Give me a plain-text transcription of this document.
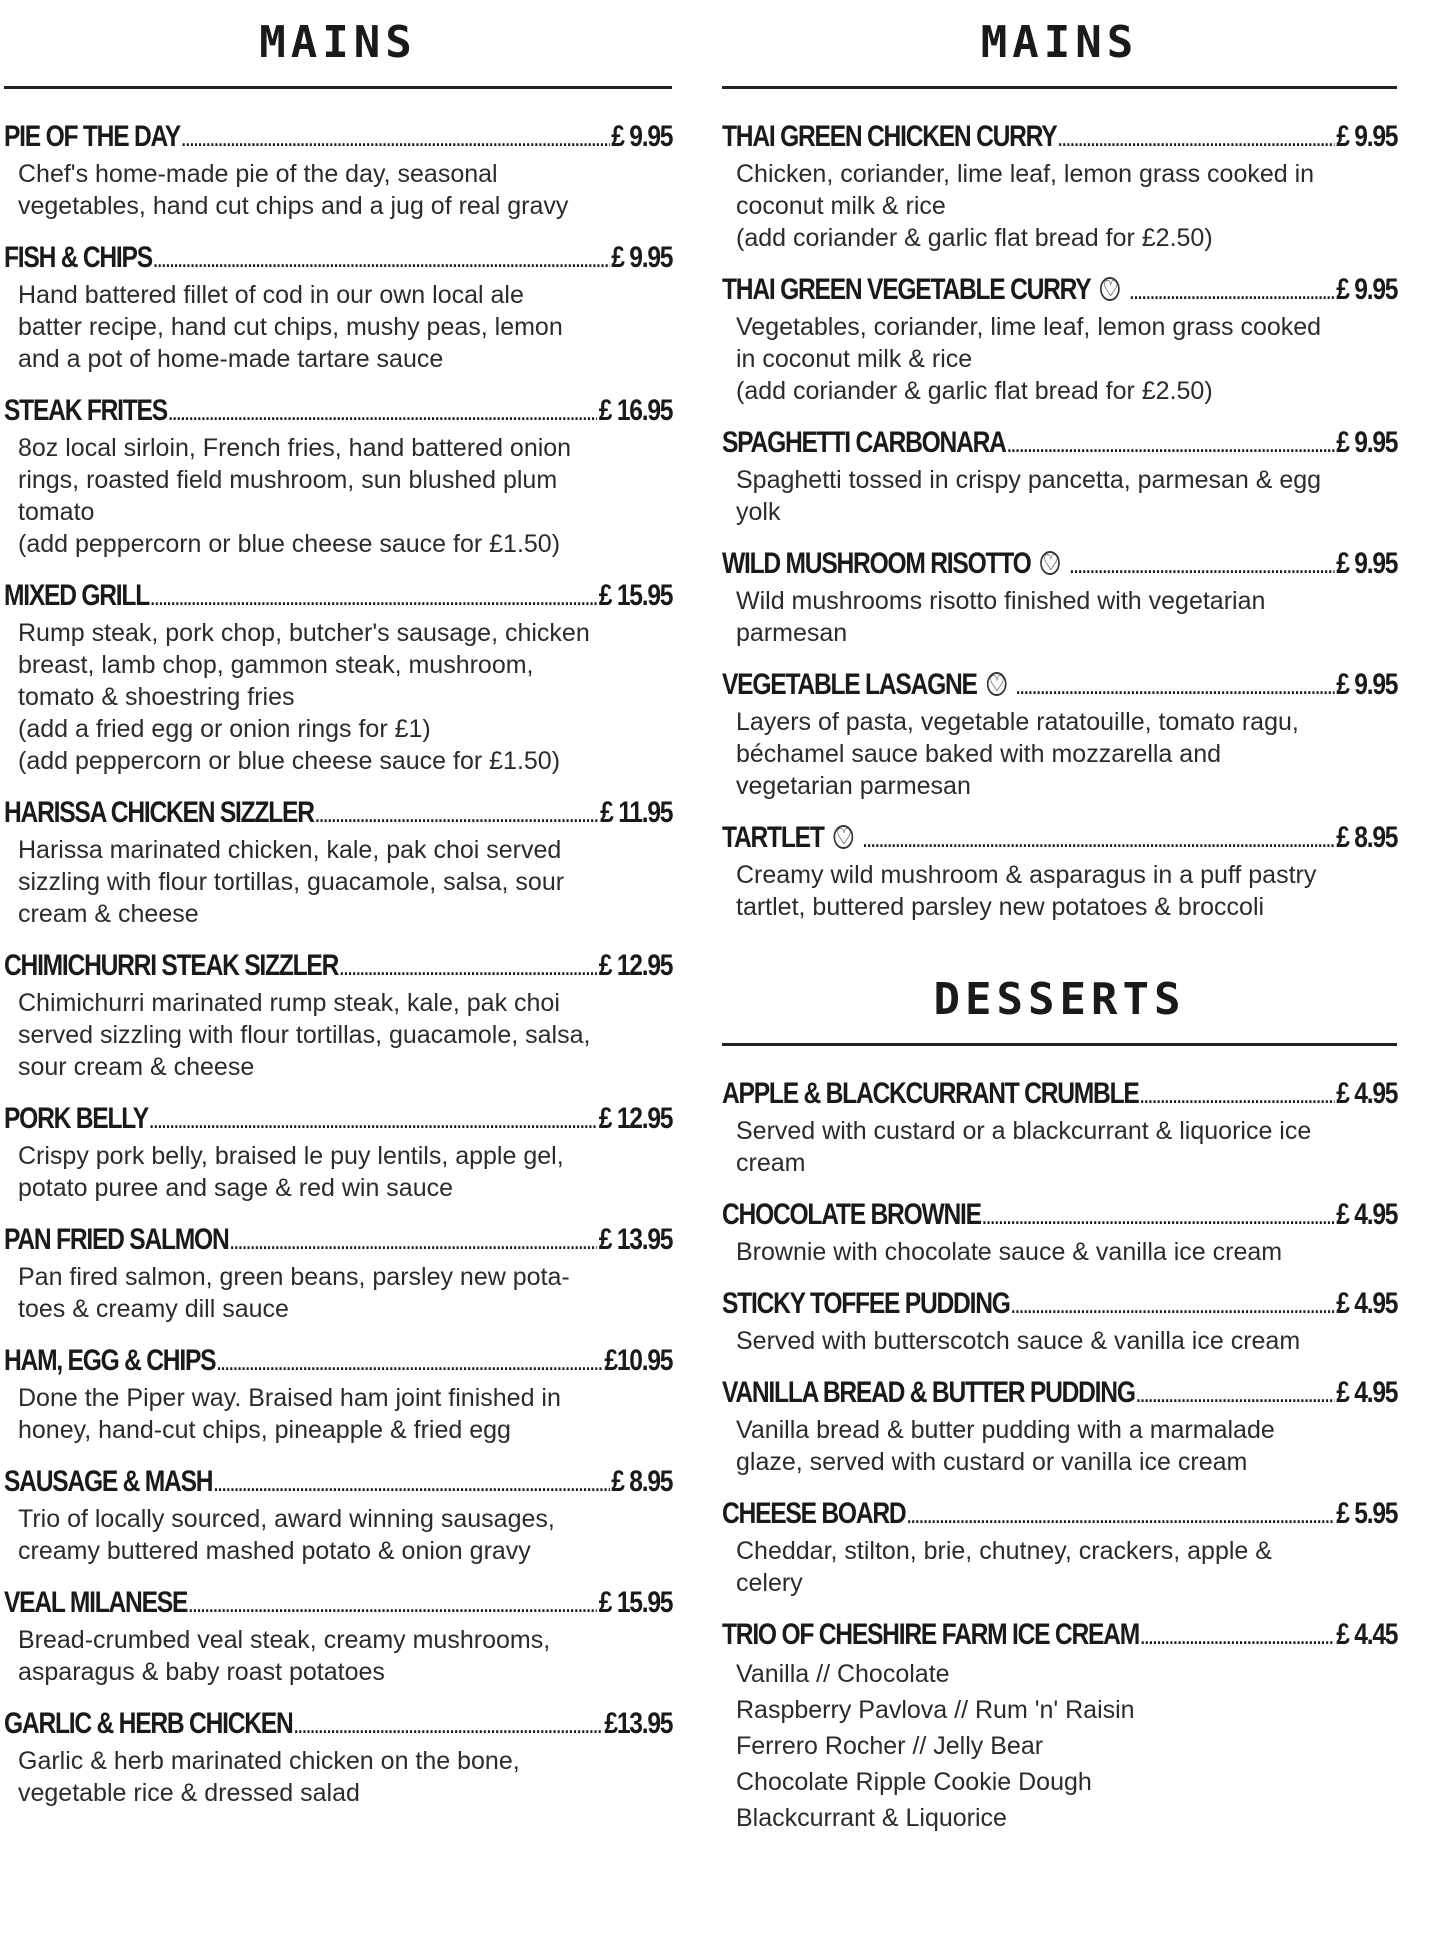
MAINS
PIE OF THE DAY .....	£ 9.95
Chef's home-made pie of the day, seasonal
vegetables, hand cut chips and a jug of real gravy
FISH & CHIPS .....	£ 9.95
Hand battered fillet of cod in our own local ale
batter recipe, hand cut chips, mushy peas, lemon
and a pot of home-made tartare sauce
STEAK FRITES .....	£ 16.95
8oz local sirloin, French fries, hand battered onion
rings, roasted field mushroom, sun blushed plum
tomato
(add peppercorn or blue cheese sauce for £1.50)
MIXED GRILL .....	£ 15.95
Rump steak, pork chop, butcher's sausage, chicken
breast, lamb chop, gammon steak, mushroom,
tomato & shoestring fries
(add a fried egg or onion rings for £1)
(add peppercorn or blue cheese sauce for £1.50)
HARISSA CHICKEN SIZZLER .....	£ 11.95
Harissa marinated chicken, kale, pak choi served
sizzling with flour tortillas, guacamole, salsa, sour
cream & cheese
CHIMICHURRI STEAK SIZZLER .....	£ 12.95
Chimichurri marinated rump steak, kale, pak choi
served sizzling with flour tortillas, guacamole, salsa,
sour cream & cheese
PORK BELLY .....	£ 12.95
Crispy pork belly, braised le puy lentils, apple gel,
potato puree and sage & red win sauce
PAN FRIED SALMON .....	£ 13.95
Pan fired salmon, green beans, parsley new pota-
toes & creamy dill sauce
HAM, EGG & CHIPS .....	£10.95
Done the Piper way. Braised ham joint finished in
honey, hand-cut chips, pineapple & fried egg
SAUSAGE & MASH .....	£ 8.95
Trio of locally sourced, award winning sausages,
creamy buttered mashed potato & onion gravy
VEAL MILANESE .....	£ 15.95
Bread-crumbed veal steak, creamy mushrooms,
asparagus & baby roast potatoes
GARLIC & HERB CHICKEN .....	£13.95
Garlic & herb marinated chicken on the bone,
vegetable rice & dressed salad
MAINS
THAI GREEN CHICKEN CURRY .....	£ 9.95
Chicken, coriander, lime leaf, lemon grass cooked in
coconut milk & rice
(add coriander & garlic flat bread for £2.50)
THAI GREEN VEGETABLE CURRY ♡ .....	£ 9.95
Vegetables, coriander, lime leaf, lemon grass cooked
in coconut milk & rice
(add coriander & garlic flat bread for £2.50)
SPAGHETTI CARBONARA .....	£ 9.95
Spaghetti tossed in crispy pancetta, parmesan & egg
yolk
WILD MUSHROOM RISOTTO ♡ .....	£ 9.95
Wild mushrooms risotto finished with vegetarian
parmesan
VEGETABLE LASAGNE ♡ .....	£ 9.95
Layers of pasta, vegetable ratatouille, tomato ragu,
béchamel sauce baked with mozzarella and
vegetarian parmesan
TARTLET ♡ .....	£ 8.95
Creamy wild mushroom & asparagus in a puff pastry
tartlet, buttered parsley new potatoes & broccoli
DESSERTS
APPLE & BLACKCURRANT CRUMBLE .....	£ 4.95
Served with custard or a blackcurrant & liquorice ice
cream
CHOCOLATE BROWNIE .....	£ 4.95
Brownie with chocolate sauce & vanilla ice cream
STICKY TOFFEE PUDDING .....	£ 4.95
Served with butterscotch sauce & vanilla ice cream
VANILLA BREAD & BUTTER PUDDING .....	£ 4.95
Vanilla bread & butter pudding with a marmalade
glaze, served with custard or vanilla ice cream
CHEESE BOARD .....	£ 5.95
Cheddar, stilton, brie, chutney, crackers, apple &
celery
TRIO OF CHESHIRE FARM ICE CREAM .....	£ 4.45
Vanilla // Chocolate
Raspberry Pavlova // Rum 'n' Raisin
Ferrero Rocher // Jelly Bear
Chocolate Ripple Cookie Dough
Blackcurrant & Liquorice
